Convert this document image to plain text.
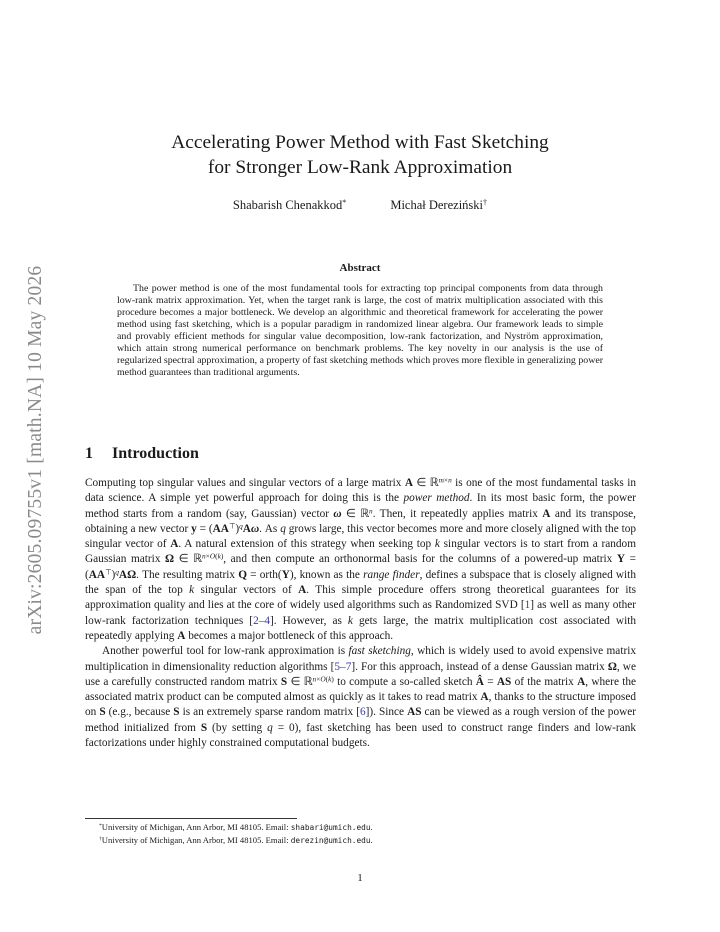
arXiv:2605.09755v1 [math.NA] 10 May 2026
Accelerating Power Method with Fast Sketching
for Stronger Low-Rank Approximation
Shabarish Chenakkod*	Michał Dereziński†
Abstract

The power method is one of the most fundamental tools for extracting top principal components from data through low-rank matrix approximation. Yet, when the target rank is large, the cost of matrix multiplication associated with this procedure becomes a major bottleneck. We develop an algorithmic and theoretical framework for accelerating the power method using fast sketching, which is a popular paradigm in randomized linear algebra. Our framework leads to simple and provably efficient methods for singular value decomposition, low-rank factorization, and Nyström approximation, which attain strong numerical performance on benchmark problems. The key novelty in our analysis is the use of regularized spectral approximation, a property of fast sketching methods which proves more flexible in generalizing power method guarantees than traditional arguments.

1 Introduction

Computing top singular values and singular vectors of a large matrix A ∈ ℝ$^{m\times n}$ is one of the most fundamental tasks in data science. A simple yet powerful approach for doing this is the power method. In its most basic form, the power method starts from a random (say, Gaussian) vector ω ∈ ℝ$^n$. Then, it repeatedly applies matrix A and its transpose, obtaining a new vector $y = (AA^⊤)^qA\omega$. As q grows large, this vector becomes more and more closely aligned with the top singular vector of A. A natural extension of this strategy when seeking top k singular vectors is to start from a random Gaussian matrix Ω ∈ ℝ$^{n\times O(k)}$, and then compute an orthonormal basis for the columns of a powered-up matrix $Y = (AA^⊤)^qA\Omega$. The resulting matrix Q = orth(Y), known as the range finder, defines a subspace that is closely aligned with the span of the top k singular vectors of A. This simple procedure offers strong theoretical guarantees for its approximation quality and lies at the core of widely used algorithms such as Randomized SVD [1] as well as many other low-rank factorization techniques [2–4]. However, as k gets large, the matrix multiplication cost associated with repeatedly applying A becomes a major bottleneck of this approach.

Another powerful tool for low-rank approximation is fast sketching, which is widely used to avoid expensive matrix multiplication in dimensionality reduction algorithms [5–7]. For this approach, instead of a dense Gaussian matrix Ω, we use a carefully constructed random matrix S ∈ ℝ$^{n\times O(k)}$ to compute a so-called sketch Â = AS of the matrix A, where the associated matrix product can be computed almost as quickly as it takes to read matrix A, thanks to the structure imposed on S (e.g., because S is an extremely sparse random matrix [6]). Since AS can be viewed as a rough version of the power method initialized from S (by setting q = 0), fast sketching has been used to construct range finders and low-rank factorizations under highly constrained computational budgets.

*University of Michigan, Ann Arbor, MI 48105. Email: shabari@umich.edu.
†University of Michigan, Ann Arbor, MI 48105. Email: derezin@umich.edu.
1
